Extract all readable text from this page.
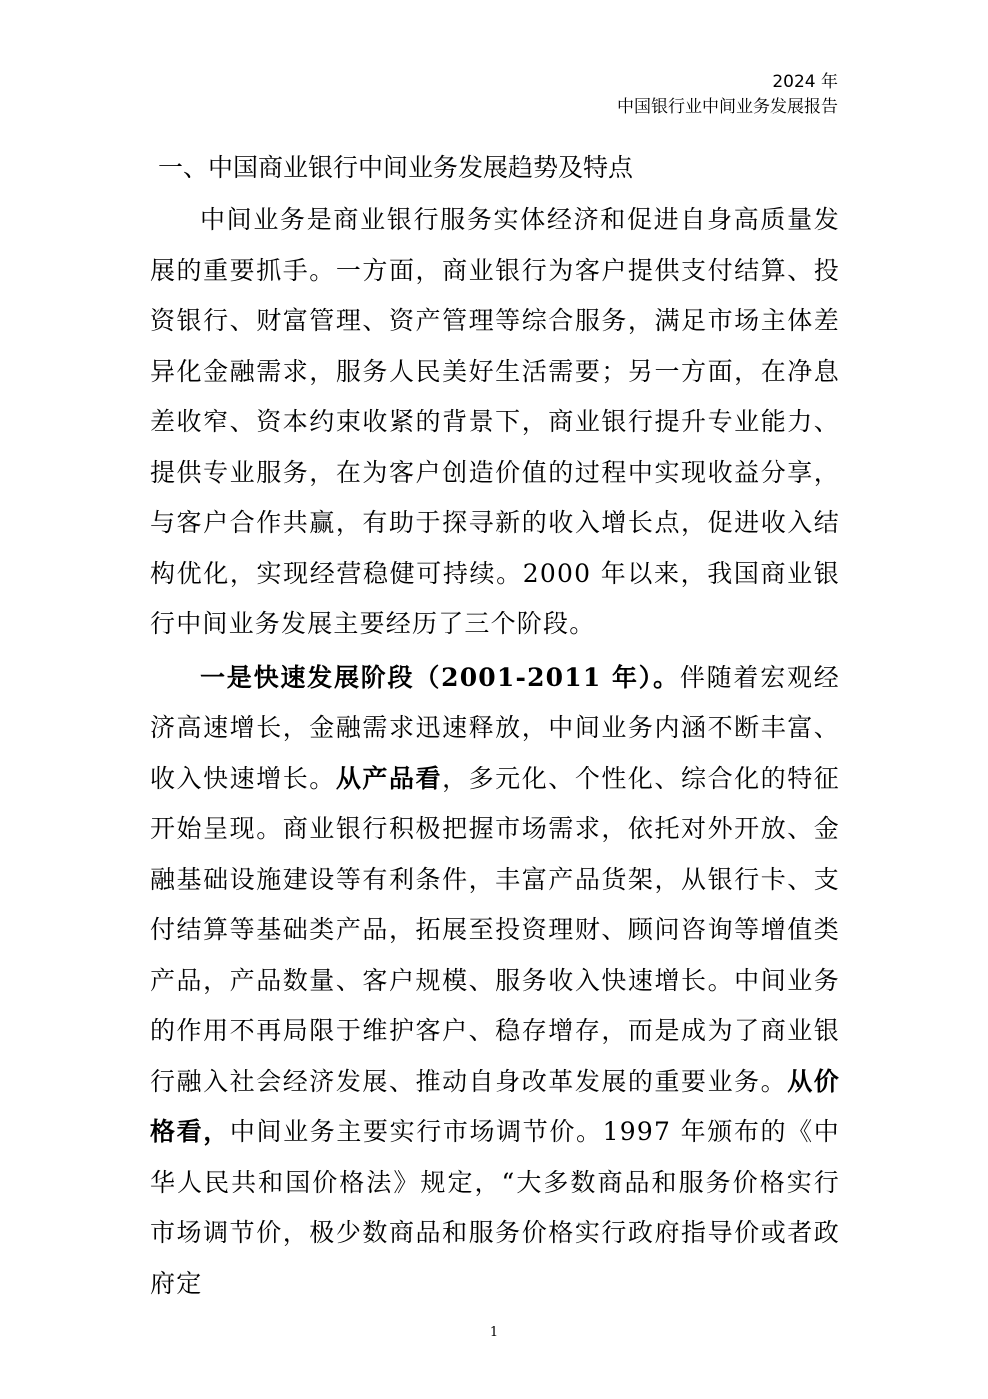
2024 年
中国银行业中间业务发展报告
一、中国商业银行中间业务发展趋势及特点

中间业务是商业银行服务实体经济和促进自身高质量发展的重要抓手。一方面，商业银行为客户提供支付结算、投资银行、财富管理、资产管理等综合服务，满足市场主体差异化金融需求，服务人民美好生活需要；另一方面，在净息差收窄、资本约束收紧的背景下，商业银行提升专业能力、提供专业服务，在为客户创造价值的过程中实现收益分享，与客户合作共赢，有助于探寻新的收入增长点，促进收入结构优化，实现经营稳健可持续。2000 年以来，我国商业银行中间业务发展主要经历了三个阶段。

一是快速发展阶段（2001-2011 年）。伴随着宏观经济高速增长，金融需求迅速释放，中间业务内涵不断丰富、收入快速增长。从产品看，多元化、个性化、综合化的特征开始呈现。商业银行积极把握市场需求，依托对外开放、金融基础设施建设等有利条件，丰富产品货架，从银行卡、支付结算等基础类产品，拓展至投资理财、顾问咨询等增值类产品，产品数量、客户规模、服务收入快速增长。中间业务的作用不再局限于维护客户、稳存增存，而是成为了商业银行融入社会经济发展、推动自身改革发展的重要业务。从价格看，中间业务主要实行市场调节价。1997 年颁布的《中华人民共和国价格法》规定，“大多数商品和服务价格实行市场调节价，极少数商品和服务价格实行政府指导价或者政府定

1
